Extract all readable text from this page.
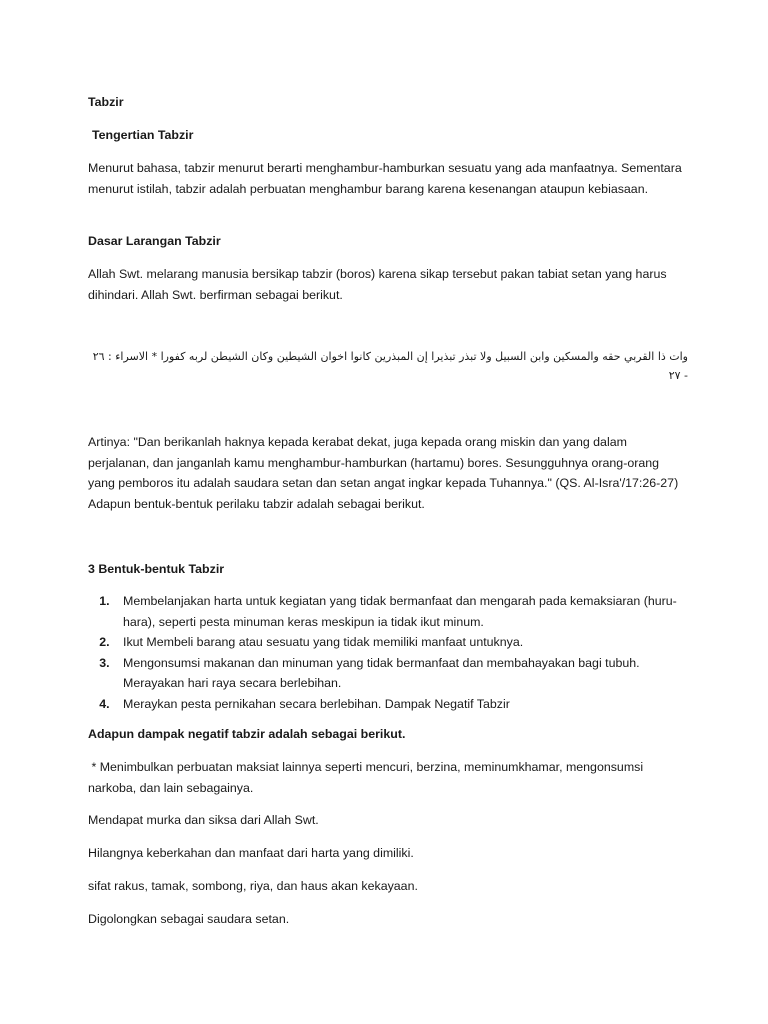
Tabzir

Tengertian Tabzir

Menurut bahasa, tabzir menurut berarti menghambur-hamburkan sesuatu yang ada manfaatnya. Sementara menurut istilah, tabzir adalah perbuatan menghambur barang karena kesenangan ataupun kebiasaan.

Dasar Larangan Tabzir

Allah Swt. melarang manusia bersikap tabzir (boros) karena sikap tersebut pakan tabiat setan yang harus dihindari. Allah Swt. berfirman sebagai berikut.

وات ذا القربي حقه والمسكين وابن السبيل ولا تبذر تبذيرا إن المبذرين كانوا اخوان الشيطين وكان الشيطن لربه كفورا * الاسراء : ٢٦ - ٢٧

Artinya: "Dan berikanlah haknya kepada kerabat dekat, juga kepada orang miskin dan yang dalam perjalanan, dan janganlah kamu menghambur-hamburkan (hartamu) bores. Sesungguhnya orang-orang yang pemboros itu adalah saudara setan dan setan angat ingkar kepada Tuhannya." (QS. Al-Isra'/17:26-27) Adapun bentuk-bentuk perilaku tabzir adalah sebagai berikut.

3 Bentuk-bentuk Tabzir

1. Membelanjakan harta untuk kegiatan yang tidak bermanfaat dan mengarah pada kemaksiaran (huru-hara), seperti pesta minuman keras meskipun ia tidak ikut minum.
2. Ikut Membeli barang atau sesuatu yang tidak memiliki manfaat untuknya.
3. Mengonsumsi makanan dan minuman yang tidak bermanfaat dan membahayakan bagi tubuh. Merayakan hari raya secara berlebihan.
4. Meraykan pesta pernikahan secara berlebihan. Dampak Negatif Tabzir

Adapun dampak negatif tabzir adalah sebagai berikut.

* Menimbulkan perbuatan maksiat lainnya seperti mencuri, berzina, meminumkhamar, mengonsumsi narkoba, dan lain sebagainya.

Mendapat murka dan siksa dari Allah Swt.

Hilangnya keberkahan dan manfaat dari harta yang dimiliki.

sifat rakus, tamak, sombong, riya, dan haus akan kekayaan.

Digolongkan sebagai saudara setan.
